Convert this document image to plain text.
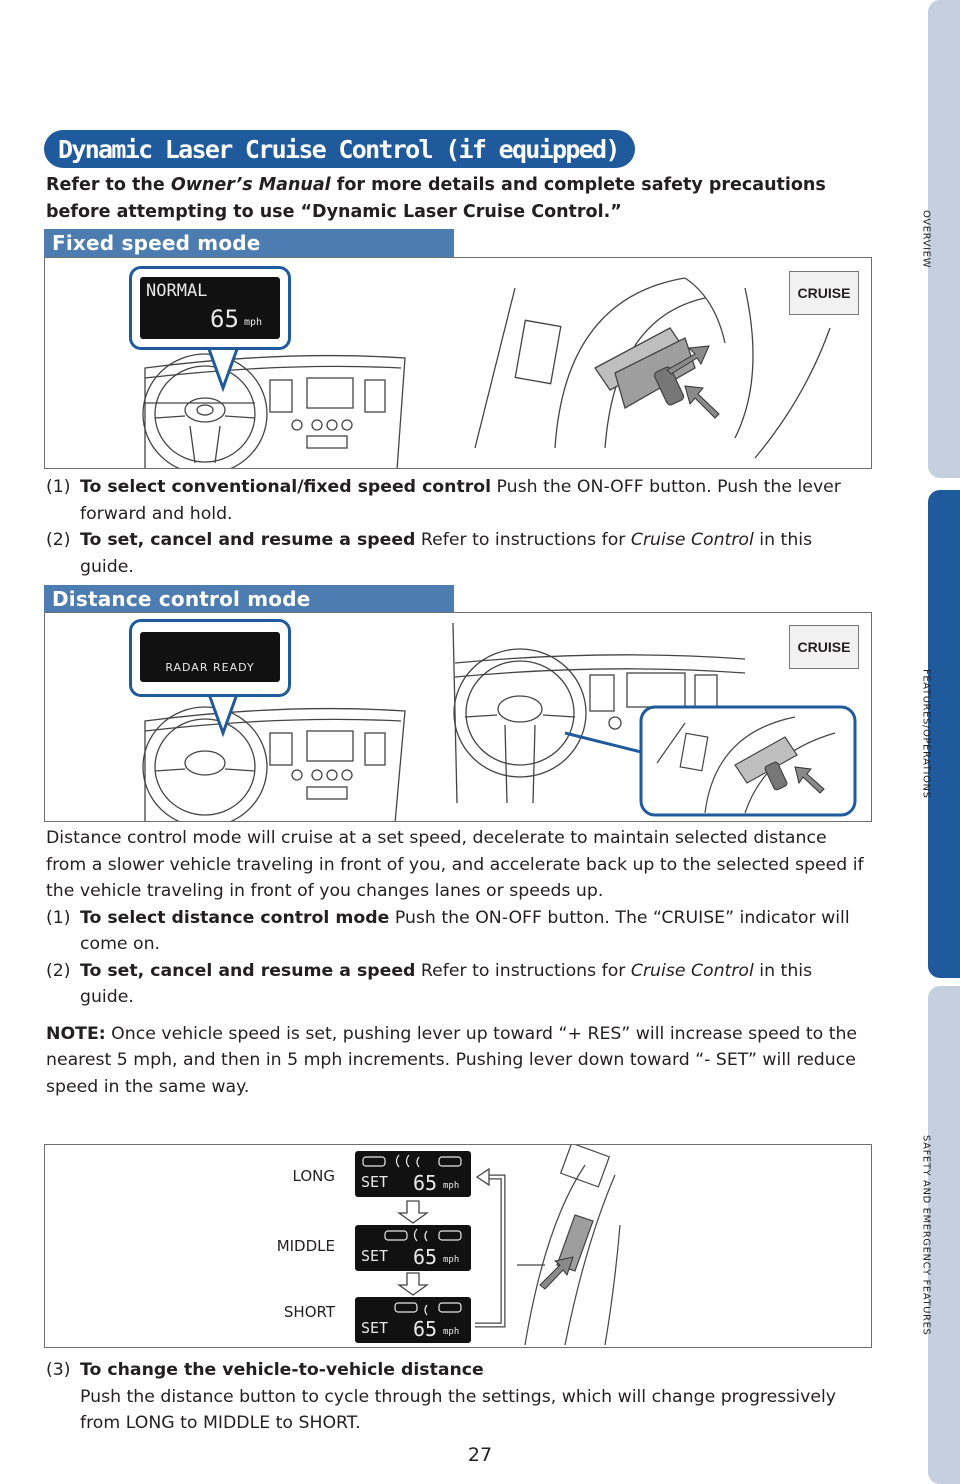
OVERVIEW
FEATURES/OPERATIONS
SAFETY AND EMERGENCY FEATURES
Dynamic Laser Cruise Control (if equipped)
Refer to the Owner’s Manual for more details and complete safety precautions before attempting to use “Dynamic Laser Cruise Control.”
Fixed speed mode
NORMAL
65 mph
CRUISE
(1) To select conventional/fixed speed control Push the ON-OFF button. Push the lever forward and hold.
(2) To set, cancel and resume a speed Refer to instructions for Cruise Control in this guide.
Distance control mode
RADAR READY
CRUISE
Distance control mode will cruise at a set speed, decelerate to maintain selected distance from a slower vehicle traveling in front of you, and accelerate back up to the selected speed if the vehicle traveling in front of you changes lanes or speeds up.
(1) To select distance control mode Push the ON-OFF button. The “CRUISE” indicator will come on.
(2) To set, cancel and resume a speed Refer to instructions for Cruise Control in this guide.
NOTE: Once vehicle speed is set, pushing lever up toward “+ RES” will increase speed to the nearest 5 mph, and then in 5 mph increments. Pushing lever down toward “- SET” will reduce speed in the same way.
LONG
MIDDLE
SHORT
SET 65 mph
SET 65 mph
SET 65 mph
(3) To change the vehicle-to-vehicle distance
Push the distance button to cycle through the settings, which will change progressively from LONG to MIDDLE to SHORT.
27
